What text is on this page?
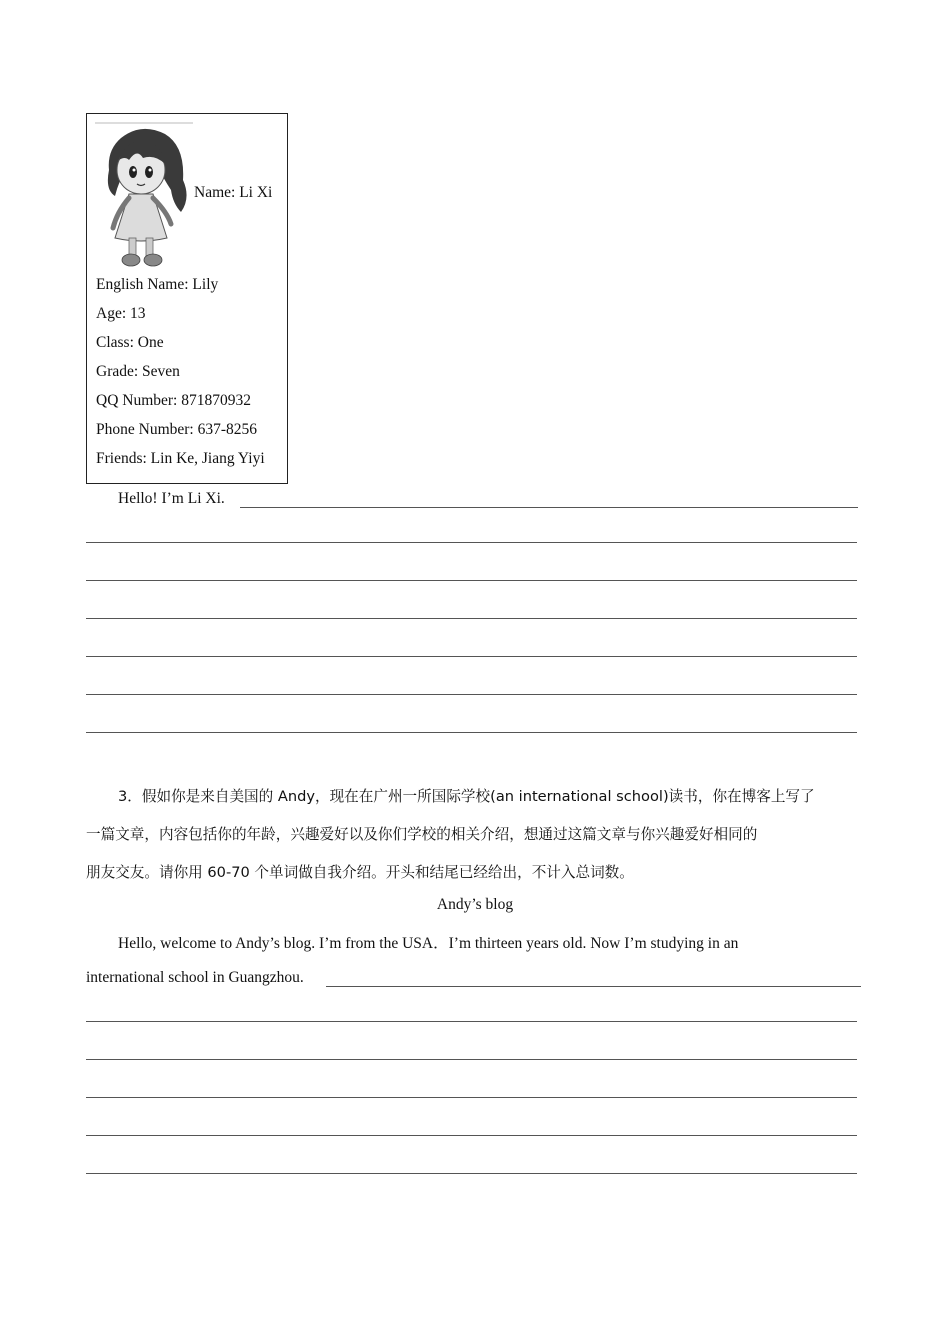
Name: Li Xi
English Name: Lily
Age: 13
Class: One
Grade: Seven
QQ Number: 871870932
Phone Number: 637-8256
Friends: Lin Ke, Jiang Yiyi
Hello! I’m Li Xi.
3．假如你是来自美国的 Andy，现在在广州一所国际学校(an international school)读书，你在博客上写了
一篇文章，内容包括你的年龄，兴趣爱好以及你们学校的相关介绍，想通过这篇文章与你兴趣爱好相同的
朋友交友。请你用 60-70 个单词做自我介绍。开头和结尾已经给出，不计入总词数。
Andy’s blog
Hello, welcome to Andy’s blog. I’m from the USA．I’m thirteen years old. Now I’m studying in an
international school in Guangzhou.
